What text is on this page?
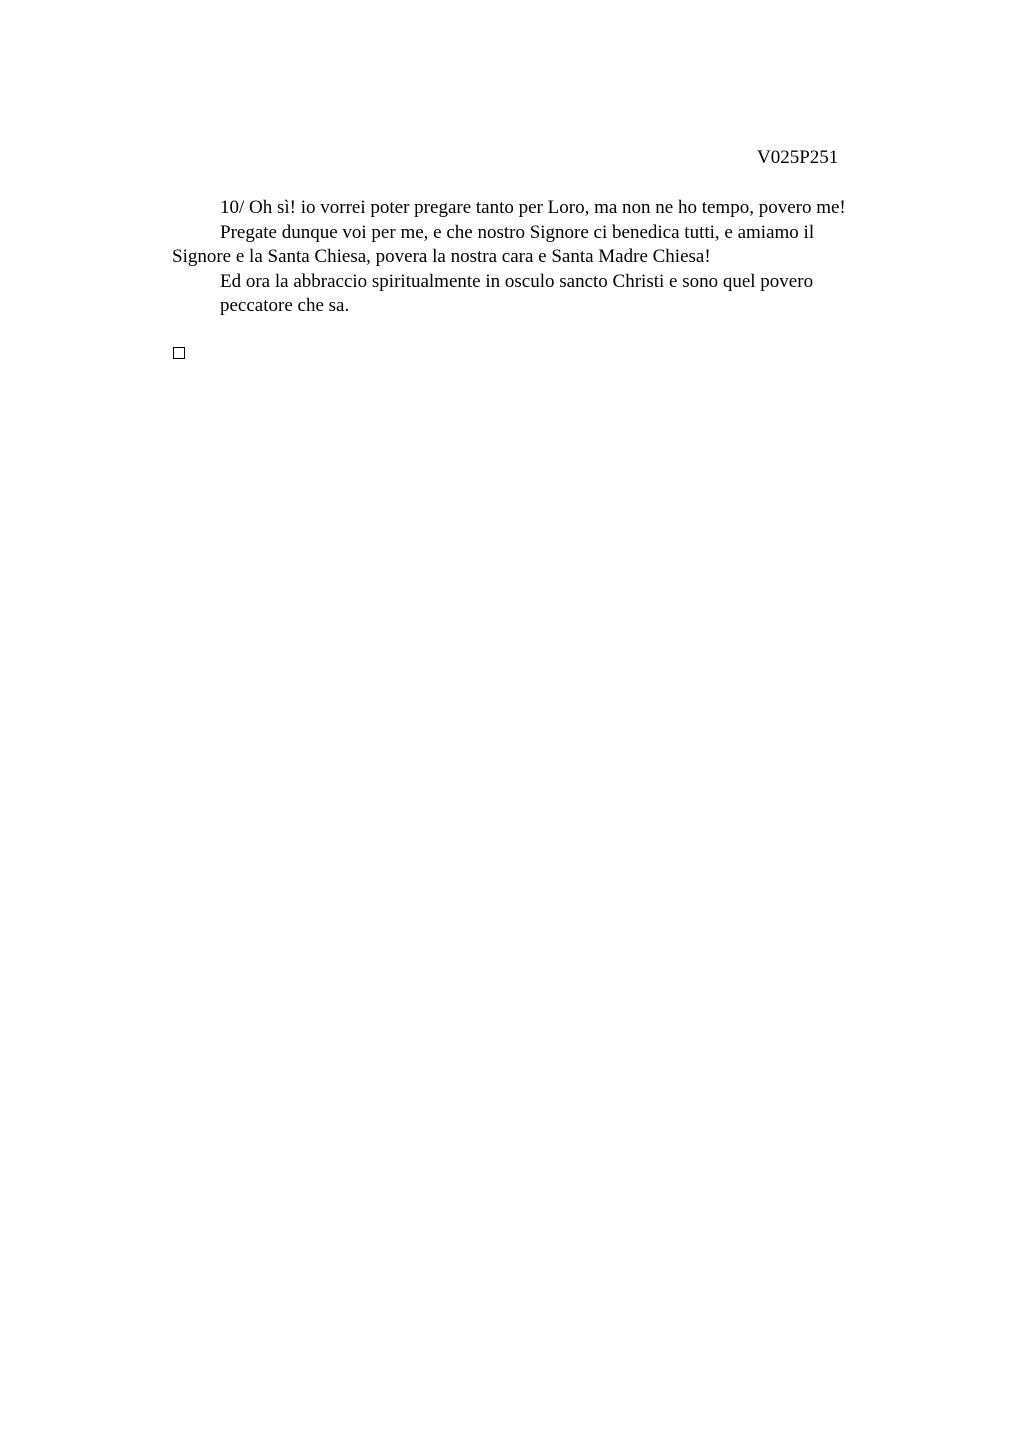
V025P251

10/ Oh sì! io vorrei poter pregare tanto per Loro, ma non ne ho tempo, povero me!

Pregate dunque voi per me, e che nostro Signore ci benedica tutti, e amiamo il Signore e la Santa Chiesa, povera la nostra cara e Santa Madre Chiesa!

Ed ora la abbraccio spiritualmente in osculo sancto Christi e sono quel povero peccatore che sa.
